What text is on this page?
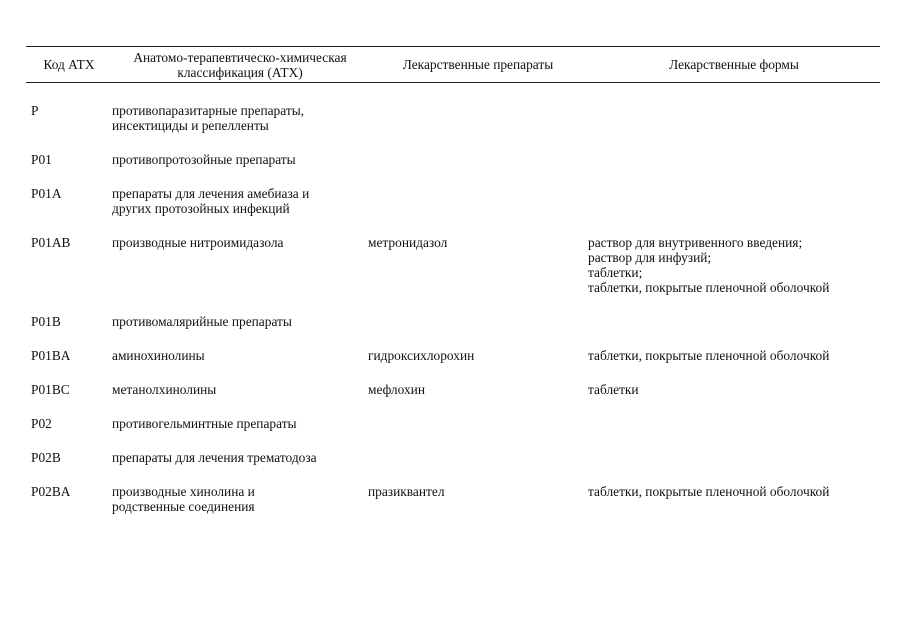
Код АТХ	Анатомо-терапевтическо-химическая
классификация (АТХ)	Лекарственные препараты	Лекарственные формы

P	противопаразитарные препараты,
инсектициды и репелленты		

P01	противопротозойные препараты		

P01A	препараты для лечения амебиаза и
других протозойных инфекций		

P01AB	производные нитроимидазола	метронидазол	раствор для внутривенного введения;
раствор для инфузий;
таблетки;
таблетки, покрытые пленочной оболочкой

P01B	противомалярийные препараты		

P01BA	аминохинолины	гидроксихлорохин	таблетки, покрытые пленочной оболочкой

P01BC	метанолхинолины	мефлохин	таблетки

P02	противогельминтные препараты		

P02B	препараты для лечения трематодоза		

P02BA	производные хинолина и
родственные соединения	празиквантел	таблетки, покрытые пленочной оболочкой
